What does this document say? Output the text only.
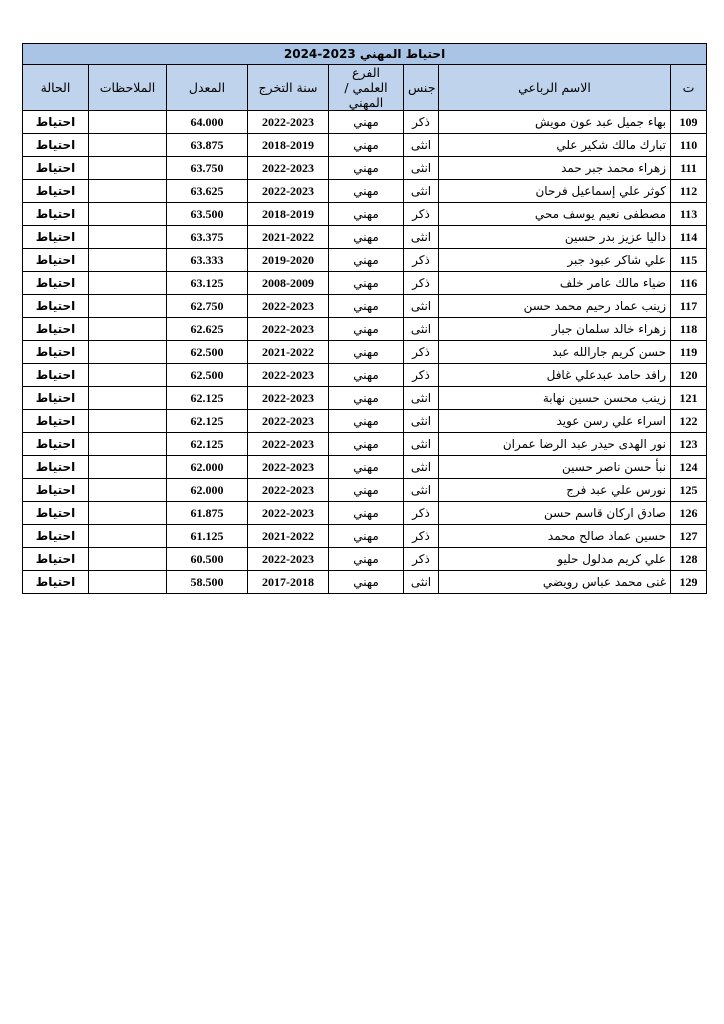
احتياط المهني 2023-2024							
الحالة	الملاحظات	المعدل	سنة التخرج	الفرع العلمي / المهني	جنس	الاسم الرباعي	ت
احتياط		64.000	2022-2023	مهني	ذكر	بهاء جميل عبد عون مويش	109
احتياط		63.875	2018-2019	مهني	انثى	تبارك مالك شكير علي	110
احتياط		63.750	2022-2023	مهني	انثى	زهراء محمد جبر حمد	111
احتياط		63.625	2022-2023	مهني	انثى	كوثر علي إسماعيل فرحان	112
احتياط		63.500	2018-2019	مهني	ذكر	مصطفى نعيم يوسف محي	113
احتياط		63.375	2021-2022	مهني	انثى	داليا عزيز بدر حسين	114
احتياط		63.333	2019-2020	مهني	ذكر	علي شاكر عبود جبر	115
احتياط		63.125	2008-2009	مهني	ذكر	ضياء مالك عامر خلف	116
احتياط		62.750	2022-2023	مهني	انثى	زينب عماد رحيم محمد حسن	117
احتياط		62.625	2022-2023	مهني	انثى	زهراء خالد سلمان جبار	118
احتياط		62.500	2021-2022	مهني	ذكر	حسن كريم جارالله عبد	119
احتياط		62.500	2022-2023	مهني	ذكر	رافد حامد عبدعلي غافل	120
احتياط		62.125	2022-2023	مهني	انثى	زينب محسن حسين نهابة	121
احتياط		62.125	2022-2023	مهني	انثى	اسراء علي رسن عويد	122
احتياط		62.125	2022-2023	مهني	انثى	نور الهدى حيدر عبد الرضا عمران	123
احتياط		62.000	2022-2023	مهني	انثى	نبأ حسن ناصر حسين	124
احتياط		62.000	2022-2023	مهني	انثى	نورس علي عبد فرج	125
احتياط		61.875	2022-2023	مهني	ذكر	صادق اركان قاسم حسن	126
احتياط		61.125	2021-2022	مهني	ذكر	حسين عماد صالح محمد	127
احتياط		60.500	2022-2023	مهني	ذكر	علي كريم مدلول حليو	128
احتياط		58.500	2017-2018	مهني	انثى	غنى محمد عباس رويضي	129
